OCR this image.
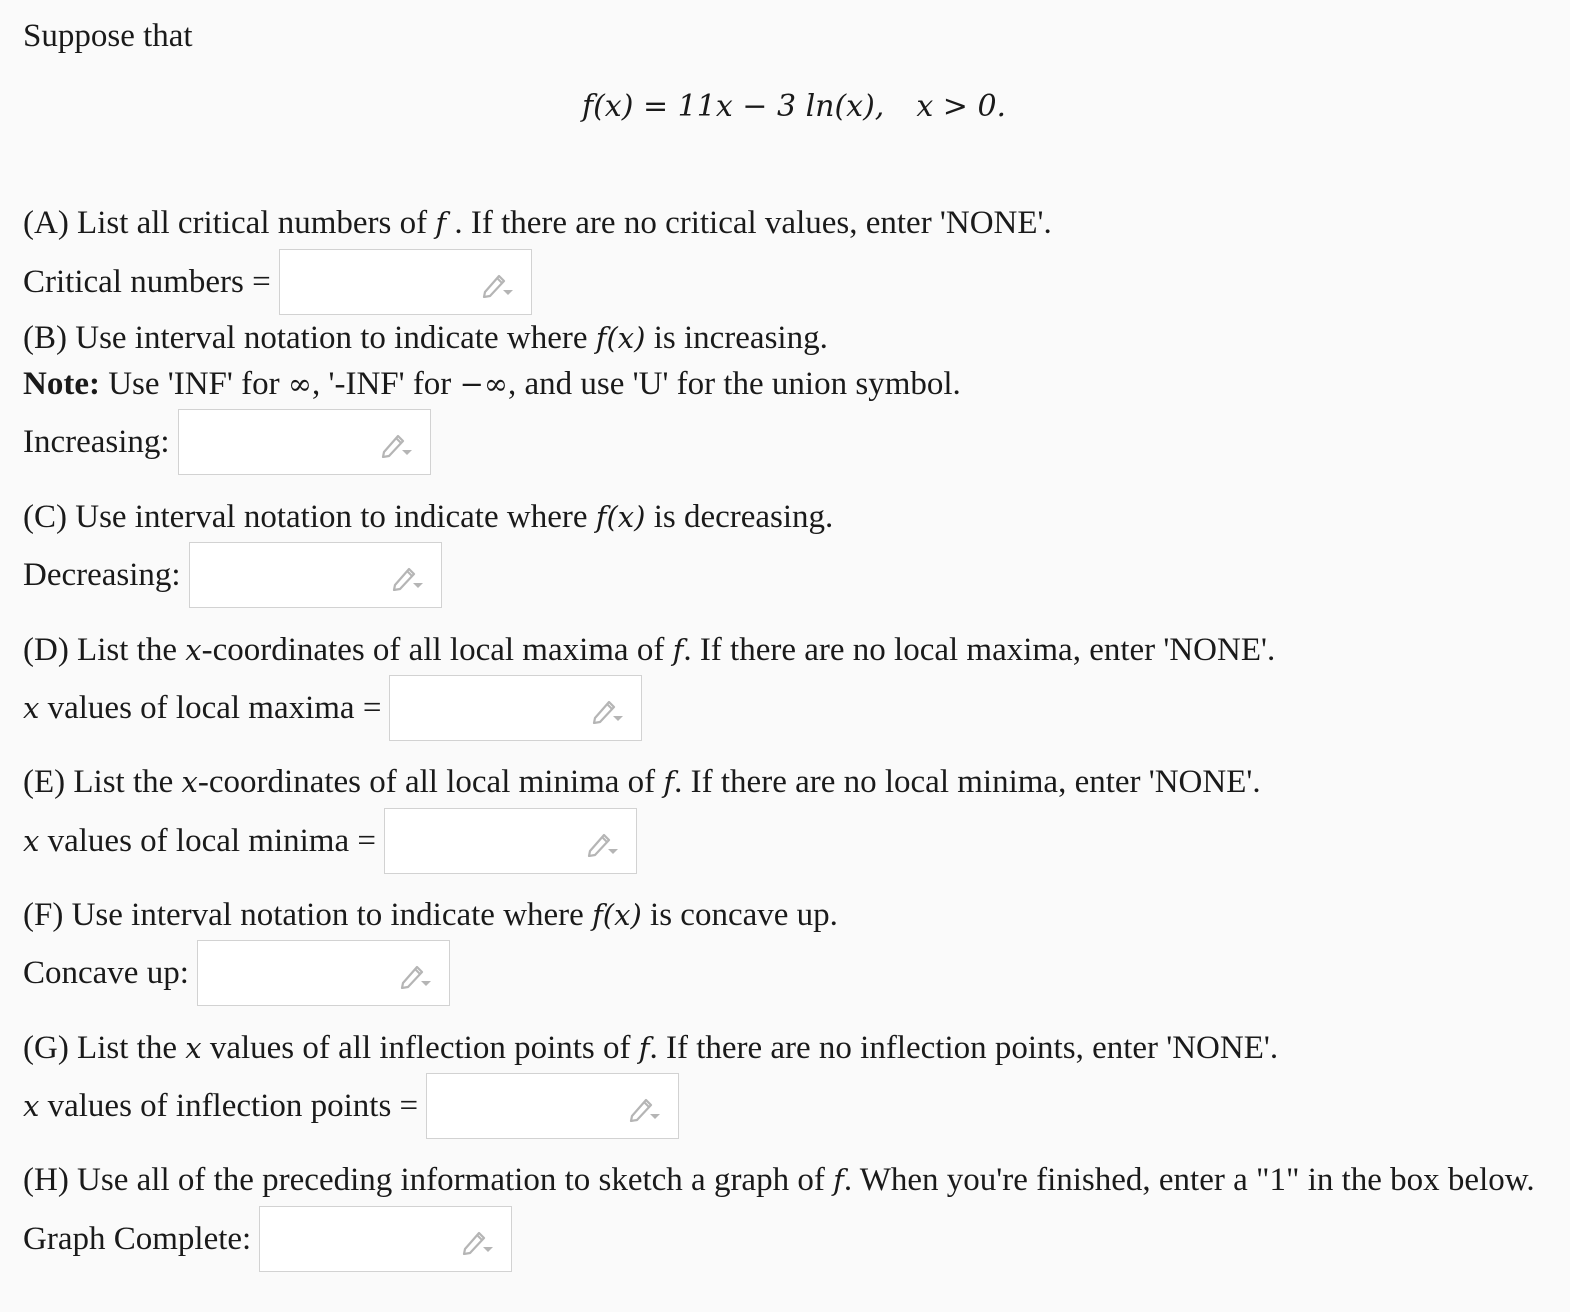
Suppose that
f(x) = 11x − 3 ln(x), x > 0.
(A) List all critical numbers of f . If there are no critical values, enter 'NONE'.
Critical numbers =
(B) Use interval notation to indicate where f(x) is increasing.
Note: Use 'INF' for ∞, '-INF' for −∞, and use 'U' for the union symbol.
Increasing:
(C) Use interval notation to indicate where f(x) is decreasing.
Decreasing:
(D) List the x-coordinates of all local maxima of f. If there are no local maxima, enter 'NONE'.
x values of local maxima =
(E) List the x-coordinates of all local minima of f. If there are no local minima, enter 'NONE'.
x values of local minima =
(F) Use interval notation to indicate where f(x) is concave up.
Concave up:
(G) List the x values of all inflection points of f. If there are no inflection points, enter 'NONE'.
x values of inflection points =
(H) Use all of the preceding information to sketch a graph of f. When you're finished, enter a "1" in the box below.
Graph Complete:
